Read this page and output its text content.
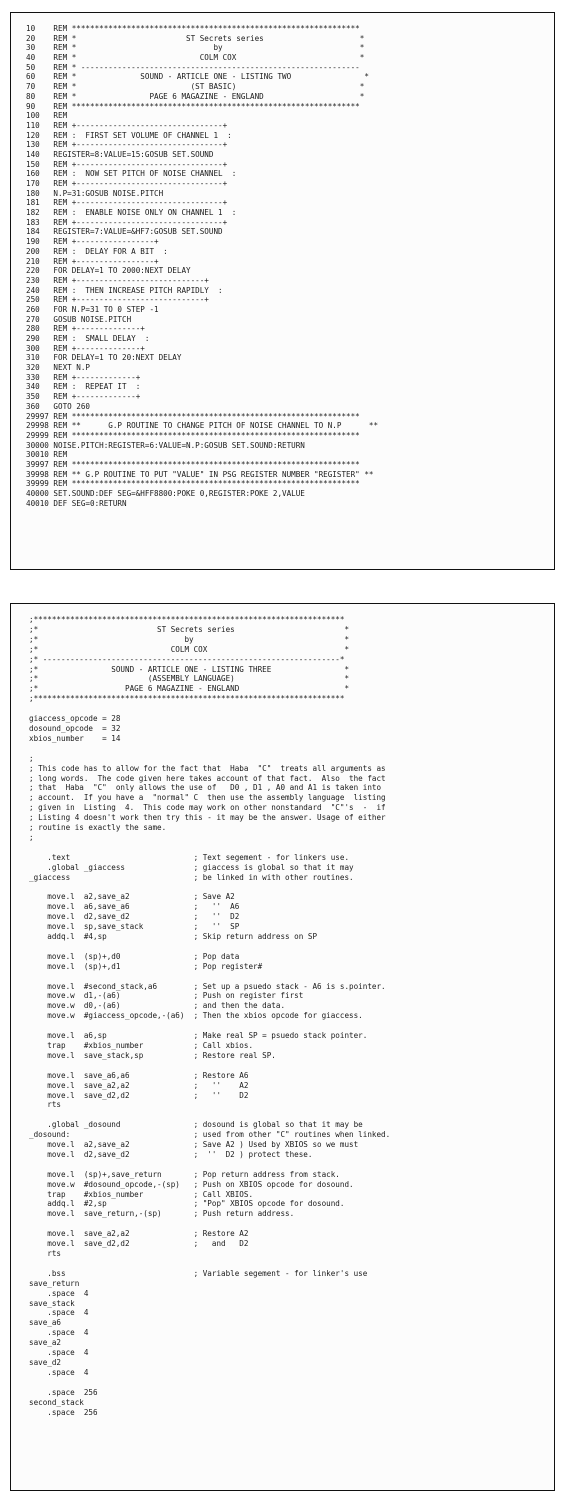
10    REM ***************************************************************
20    REM *                        ST Secrets series                     *
30    REM *                              by                              *
40    REM *                           COLM COX                           *
50    REM * -------------------------------------------------------------
60    REM *              SOUND - ARTICLE ONE - LISTING TWO                *
70    REM *                         (ST BASIC)                           *
80    REM *                PAGE 6 MAGAZINE - ENGLAND                     *
90    REM ***************************************************************
100   REM
110   REM +--------------------------------+
120   REM :  FIRST SET VOLUME OF CHANNEL 1  :
130   REM +--------------------------------+
140   REGISTER=8:VALUE=15:GOSUB SET.SOUND
150   REM +--------------------------------+
160   REM :  NOW SET PITCH OF NOISE CHANNEL  :
170   REM +--------------------------------+
180   N.P=31:GOSUB NOISE.PITCH
181   REM +--------------------------------+
182   REM :  ENABLE NOISE ONLY ON CHANNEL 1  :
183   REM +--------------------------------+
184   REGISTER=7:VALUE=&HF7:GOSUB SET.SOUND
190   REM +-----------------+
200   REM :  DELAY FOR A BIT  :
210   REM +-----------------+
220   FOR DELAY=1 TO 2000:NEXT DELAY
230   REM +----------------------------+
240   REM :  THEN INCREASE PITCH RAPIDLY  :
250   REM +----------------------------+
260   FOR N.P=31 TO 0 STEP -1
270   GOSUB NOISE.PITCH
280   REM +--------------+
290   REM :  SMALL DELAY  :
300   REM +--------------+
310   FOR DELAY=1 TO 20:NEXT DELAY
320   NEXT N.P
330   REM +-------------+
340   REM :  REPEAT IT  :
350   REM +-------------+
360   GOTO 260
29997 REM ***************************************************************
29998 REM **      G.P ROUTINE TO CHANGE PITCH OF NOISE CHANNEL TO N.P      **
29999 REM ***************************************************************
30000 NOISE.PITCH:REGISTER=6:VALUE=N.P:GOSUB SET.SOUND:RETURN
30010 REM
39997 REM ***************************************************************
39998 REM ** G.P ROUTINE TO PUT "VALUE" IN PSG REGISTER NUMBER "REGISTER" **
39999 REM ***************************************************************
40000 SET.SOUND:DEF SEG=&HFF8800:POKE 0,REGISTER:POKE 2,VALUE
40010 DEF SEG=0:RETURN

;********************************************************************
;*                          ST Secrets series                        *
;*                                by                                 *
;*                             COLM COX                              *
;* -----------------------------------------------------------------*
;*                SOUND - ARTICLE ONE - LISTING THREE                *
;*                        (ASSEMBLY LANGUAGE)                        *
;*                   PAGE 6 MAGAZINE - ENGLAND                       *
;********************************************************************

giaccess_opcode = 28
dosound_opcode  = 32
xbios_number    = 14

;
; This code has to allow for the fact that  Haba  "C"  treats all arguments as
; long words.  The code given here takes account of that fact.  Also  the fact
; that  Haba  "C"  only allows the use of   D0 , D1 , A0 and A1 is taken into
; account.  If you have a  "normal" C  then use the assembly language  listing
; given in  Listing  4.  This code may work on other nonstandard  "C"'s  -  if
; Listing 4 doesn't work then try this - it may be the answer. Usage of either
; routine is exactly the same.
;

.text                           ; Text segement - for linkers use.
.global _giaccess               ; giaccess is global so that it may
_giaccess                           ; be linked in with other routines.

move.l  a2,save_a2              ; Save A2
move.l  a6,save_a6              ;   ''  A6
move.l  d2,save_d2              ;   ''  D2
move.l  sp,save_stack           ;   ''  SP
addq.l  #4,sp                   ; Skip return address on SP

move.l  (sp)+,d0                ; Pop data
move.l  (sp)+,d1                ; Pop register#

move.l  #second_stack,a6        ; Set up a psuedo stack - A6 is s.pointer.
move.w  d1,-(a6)                ; Push on register first
move.w  d0,-(a6)                ; and then the data.
move.w  #giaccess_opcode,-(a6)  ; Then the xbios opcode for giaccess.

move.l  a6,sp                   ; Make real SP = psuedo stack pointer.
trap    #xbios_number           ; Call xbios.
move.l  save_stack,sp           ; Restore real SP.

move.l  save_a6,a6              ; Restore A6
move.l  save_a2,a2              ;   ''    A2
move.l  save_d2,d2              ;   ''    D2
rts

.global _dosound                ; dosound is global so that it may be
_dosound:                           ; used from other "C" routines when linked.
move.l  a2,save_a2              ; Save A2 ) Used by XBIOS so we must
move.l  d2,save_d2              ;  ''  D2 ) protect these.

move.l  (sp)+,save_return       ; Pop return address from stack.
move.w  #dosound_opcode,-(sp)   ; Push on XBIOS opcode for dosound.
trap    #xbios_number           ; Call XBIOS.
addq.l  #2,sp                   ; "Pop" XBIOS opcode for dosound.
move.l  save_return,-(sp)       ; Push return address.

move.l  save_a2,a2              ; Restore A2
move.l  save_d2,d2              ;   and   D2
rts

.bss                            ; Variable segement - for linker's use
save_return
.space  4
save_stack
.space  4
save_a6
.space  4
save_a2
.space  4
save_d2
.space  4

.space  256
second_stack
.space  256
